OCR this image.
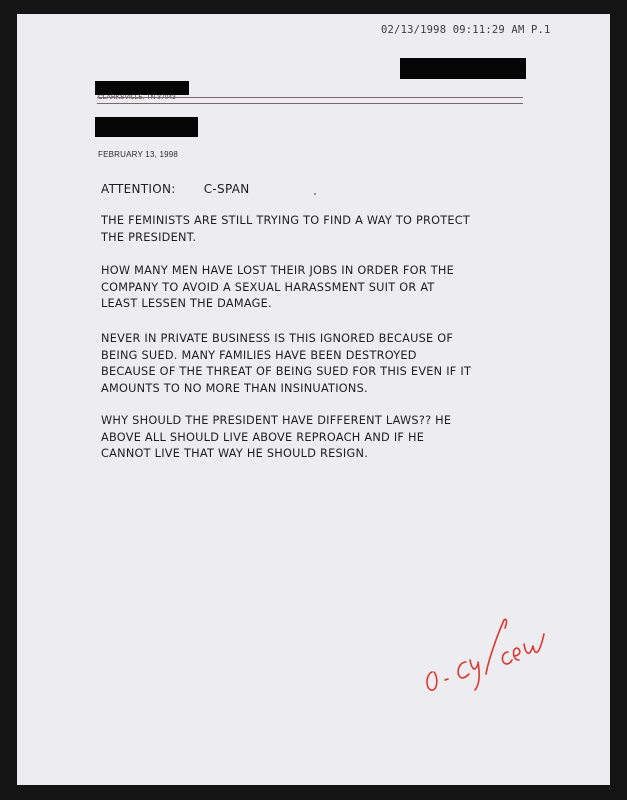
02/13/1998 09:11:29 AM P.1
FEBRUARY 13, 1998
ATTENTION: C-SPAN

THE FEMINISTS ARE STILL TRYING TO FIND A WAY TO PROTECT
THE PRESIDENT.

HOW MANY MEN HAVE LOST THEIR JOBS IN ORDER FOR THE
COMPANY TO AVOID A SEXUAL HARASSMENT SUIT OR AT
LEAST LESSEN THE DAMAGE.

NEVER IN PRIVATE BUSINESS IS THIS IGNORED BECAUSE OF
BEING SUED. MANY FAMILIES HAVE BEEN DESTROYED
BECAUSE OF THE THREAT OF BEING SUED FOR THIS EVEN IF IT
AMOUNTS TO NO MORE THAN INSINUATIONS.

WHY SHOULD THE PRESIDENT HAVE DIFFERENT LAWS?? HE
ABOVE ALL SHOULD LIVE ABOVE REPROACH AND IF HE
CANNOT LIVE THAT WAY HE SHOULD RESIGN.
